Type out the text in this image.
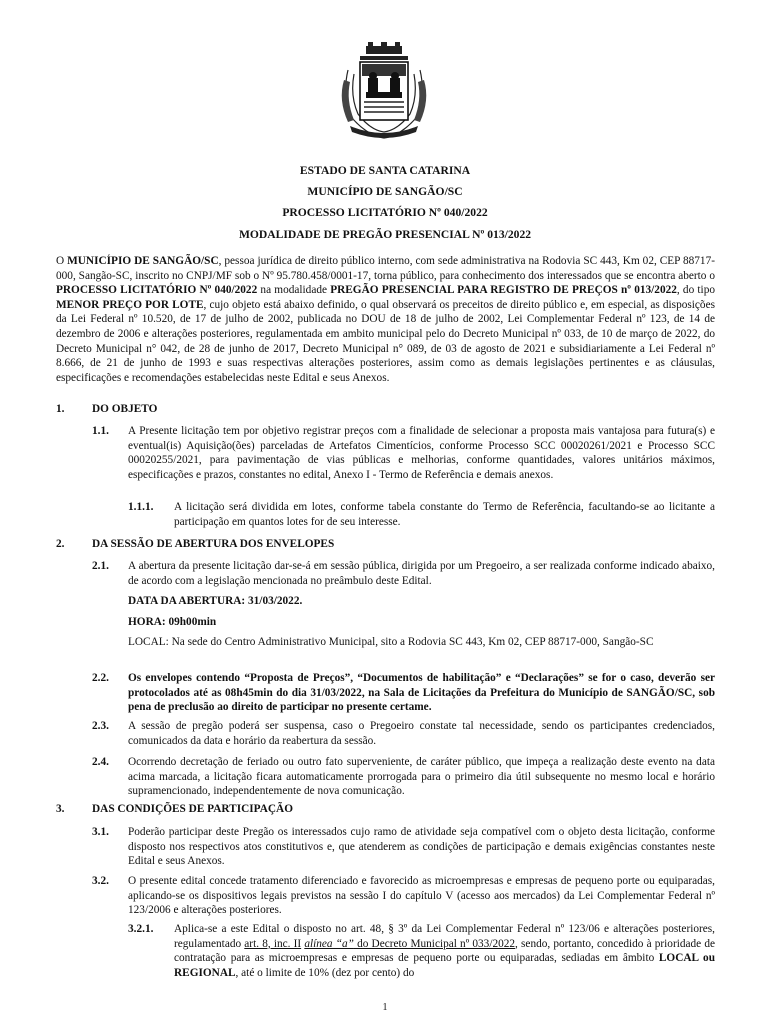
ESTADO DE SANTA CATARINA
MUNICÍPIO DE SANGÃO/SC
PROCESSO LICITATÓRIO Nº 040/2022
MODALIDADE DE PREGÃO PRESENCIAL Nº 013/2022
O MUNICÍPIO DE SANGÃO/SC, pessoa jurídica de direito público interno, com sede administrativa na Rodovia SC 443, Km 02, CEP 88717-000, Sangão-SC, inscrito no CNPJ/MF sob o Nº 95.780.458/0001-17, torna público, para conhecimento dos interessados que se encontra aberto o PROCESSO LICITATÓRIO Nº 040/2022 na modalidade PREGÃO PRESENCIAL PARA REGISTRO DE PREÇOS nº 013/2022, do tipo MENOR PREÇO POR LOTE, cujo objeto está abaixo definido, o qual observará os preceitos de direito público e, em especial, as disposições da Lei Federal nº 10.520, de 17 de julho de 2002, publicada no DOU de 18 de julho de 2002, Lei Complementar Federal nº 123, de 14 de dezembro de 2006 e alterações posteriores, regulamentada em ambito municipal pelo do Decreto Municipal nº 033, de 10 de março de 2022, do Decreto Municipal n° 042, de 28 de junho de 2017, Decreto Municipal n° 089, de 03 de agosto de 2021 e subsidiariamente a Lei Federal nº 8.666, de 21 de junho de 1993 e suas respectivas alterações posteriores, assim como as demais legislações pertinentes e as cláusulas, especificações e recomendações estabelecidas neste Edital e seus Anexos.
1. DO OBJETO
1.1. A Presente licitação tem por objetivo registrar preços com a finalidade de selecionar a proposta mais vantajosa para futura(s) e eventual(is) Aquisição(ões) parceladas de Artefatos Cimentícios, conforme Processo SCC 00020261/2021 e Processo SCC 00020255/2021, para pavimentação de vias públicas e melhorias, conforme quantidades, valores unitários máximos, especificações e prazos, constantes no edital, Anexo I - Termo de Referência e demais anexos.
1.1.1. A licitação será dividida em lotes, conforme tabela constante do Termo de Referência, facultando-se ao licitante a participação em quantos lotes for de seu interesse.
2. DA SESSÃO DE ABERTURA DOS ENVELOPES
2.1. A abertura da presente licitação dar-se-á em sessão pública, dirigida por um Pregoeiro, a ser realizada conforme indicado abaixo, de acordo com a legislação mencionada no preâmbulo deste Edital.
DATA DA ABERTURA: 31/03/2022.
HORA: 09h00min
LOCAL: Na sede do Centro Administrativo Municipal, sito a Rodovia SC 443, Km 02, CEP 88717-000, Sangão-SC
2.2. Os envelopes contendo “Proposta de Preços”, “Documentos de habilitação” e “Declarações” se for o caso, deverão ser protocolados até as 08h45min do dia 31/03/2022, na Sala de Licitações da Prefeitura do Município de SANGÃO/SC, sob pena de preclusão ao direito de participar no presente certame.
2.3. A sessão de pregão poderá ser suspensa, caso o Pregoeiro constate tal necessidade, sendo os participantes credenciados, comunicados da data e horário da reabertura da sessão.
2.4. Ocorrendo decretação de feriado ou outro fato superveniente, de caráter público, que impeça a realização deste evento na data acima marcada, a licitação ficara automaticamente prorrogada para o primeiro dia útil subsequente no mesmo local e horário supramencionado, independentemente de nova comunicação.
3. DAS CONDIÇÕES DE PARTICIPAÇÃO
3.1. Poderão participar deste Pregão os interessados cujo ramo de atividade seja compatível com o objeto desta licitação, conforme disposto nos respectivos atos constitutivos e, que atenderem as condições de participação e demais exigências constantes neste Edital e seus Anexos.
3.2. O presente edital concede tratamento diferenciado e favorecido as microempresas e empresas de pequeno porte ou equiparadas, aplicando-se os dispositivos legais previstos na sessão I do capítulo V (acesso aos mercados) da Lei Complementar Federal nº 123/2006 e alterações posteriores.
3.2.1. Aplica-se a este Edital o disposto no art. 48, § 3º da Lei Complementar Federal nº 123/06 e alterações posteriores, regulamentado art. 8, inc. II alínea “a” do Decreto Municipal nº 033/2022, sendo, portanto, concedido à prioridade de contratação para as microempresas e empresas de pequeno porte ou equiparadas, sediadas em âmbito LOCAL ou REGIONAL, até o limite de 10% (dez por cento) do
1
